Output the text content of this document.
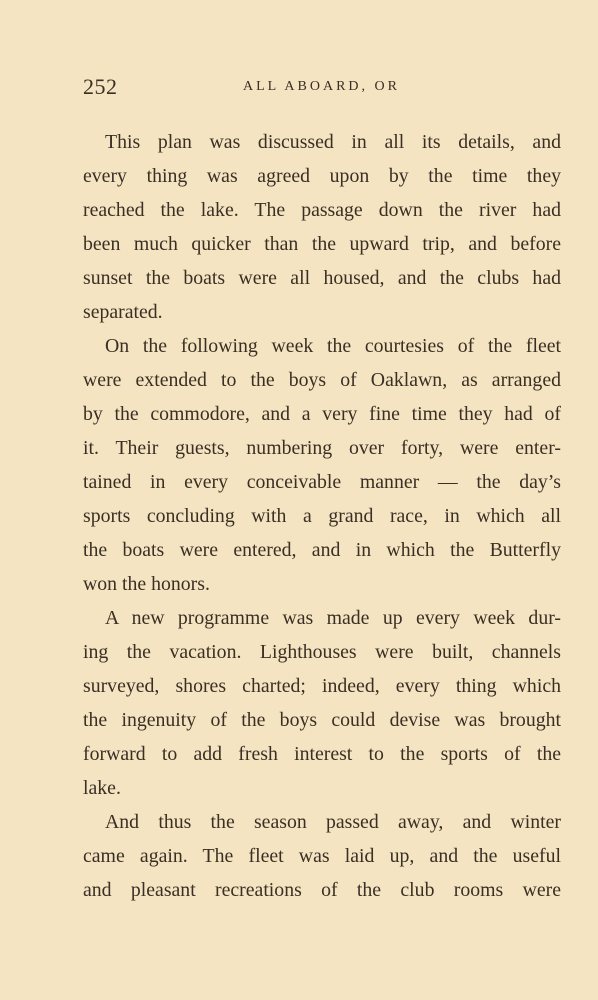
252	ALL ABOARD, OR
This plan was discussed in all its details, and
every thing was agreed upon by the time they
reached the lake. The passage down the river had
been much quicker than the upward trip, and before
sunset the boats were all housed, and the clubs had
separated.
On the following week the courtesies of the fleet
were extended to the boys of Oaklawn, as arranged
by the commodore, and a very fine time they had of
it. Their guests, numbering over forty, were enter-
tained in every conceivable manner — the day’s
sports concluding with a grand race, in which all
the boats were entered, and in which the Butterfly
won the honors.
A new programme was made up every week dur-
ing the vacation. Lighthouses were built, channels
surveyed, shores charted; indeed, every thing which
the ingenuity of the boys could devise was brought
forward to add fresh interest to the sports of the
lake.
And thus the season passed away, and winter
came again. The fleet was laid up, and the useful
and pleasant recreations of the club rooms were
